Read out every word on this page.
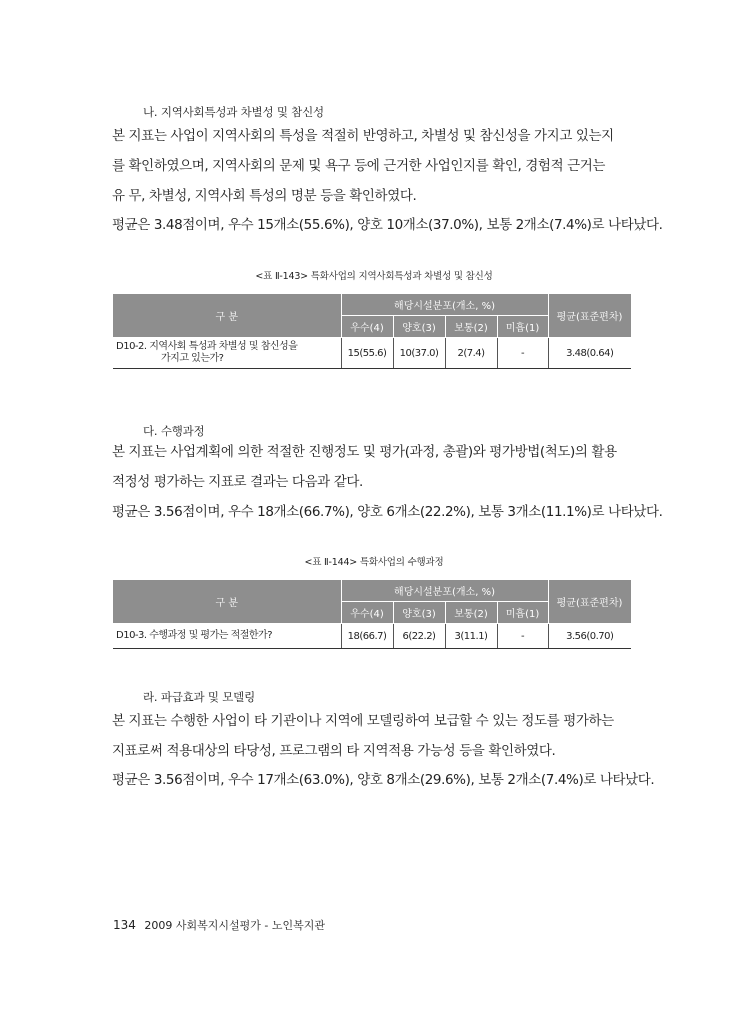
나. 지역사회특성과 차별성 및 참신성
본 지표는 사업이 지역사회의 특성을 적절히 반영하고, 차별성 및 참신성을 가지고 있는지
를 확인하였으며, 지역사회의 문제 및 욕구 등에 근거한 사업인지를 확인, 경험적 근거는
유 무, 차별성, 지역사회 특성의 명분 등을 확인하였다.
평균은 3.48점이며, 우수 15개소(55.6%), 양호 10개소(37.0%), 보통 2개소(7.4%)로 나타났다.
<표 Ⅱ-143> 특화사업의 지역사회특성과 차별성 및 참신성
구 분	해당시설분포(개소, %)				평균(표준편차)
	우수(4)	양호(3)	보통(2)	미흡(1)	

D10-2. 지역사회 특성과 차별성 및 참신성을
가지고 있는가?	15(55.6)	10(37.0)	2(7.4)	-	3.48(0.64)
다. 수행과정
본 지표는 사업계획에 의한 적절한 진행정도 및 평가(과정, 총괄)와 평가방법(척도)의 활용
적정성 평가하는 지표로 결과는 다음과 같다.
평균은 3.56점이며, 우수 18개소(66.7%), 양호 6개소(22.2%), 보통 3개소(11.1%)로 나타났다.
<표 Ⅱ-144> 특화사업의 수행과정
구 분	해당시설분포(개소, %)				평균(표준편차)
	우수(4)	양호(3)	보통(2)	미흡(1)	

D10-3. 수행과정 및 평가는 적절한가?	18(66.7)	6(22.2)	3(11.1)	-	3.56(0.70)
라. 파급효과 및 모델링
본 지표는 수행한 사업이 타 기관이나 지역에 모델링하여 보급할 수 있는 정도를 평가하는
지표로써 적용대상의 타당성, 프로그램의 타 지역적용 가능성 등을 확인하였다.
평균은 3.56점이며, 우수 17개소(63.0%), 양호 8개소(29.6%), 보통 2개소(7.4%)로 나타났다.
134 2009 사회복지시설평가 - 노인복지관
